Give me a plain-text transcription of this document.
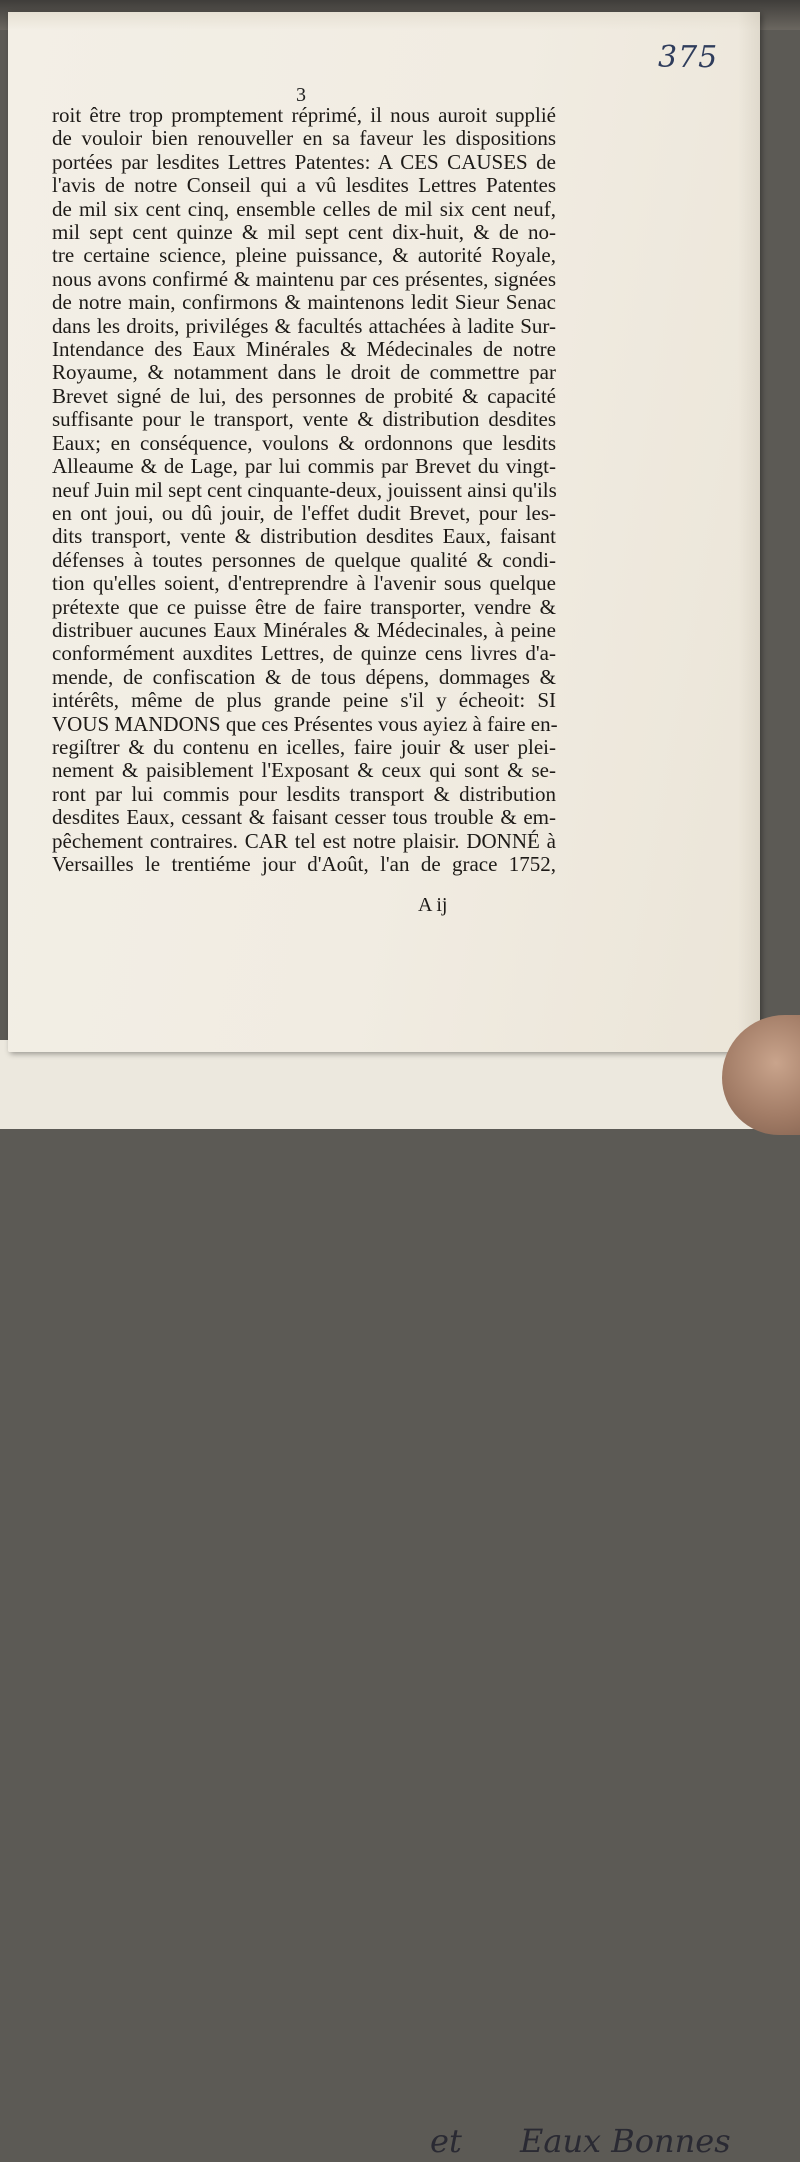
et Eaux Bonnes
375
3
roit être trop promptement réprimé, il nous auroit supplié
de vouloir bien renouveller en sa faveur les dispositions
portées par lesdites Lettres Patentes: A CES CAUSES de
l'avis de notre Conseil qui a vû lesdites Lettres Patentes
de mil six cent cinq, ensemble celles de mil six cent neuf,
mil sept cent quinze & mil sept cent dix-huit, & de no-
tre certaine science, pleine puissance, & autorité Royale,
nous avons confirmé & maintenu par ces présentes, signées
de notre main, confirmons & maintenons ledit Sieur Senac
dans les droits, priviléges & facultés attachées à ladite Sur-
Intendance des Eaux Minérales & Médecinales de notre
Royaume, & notamment dans le droit de commettre par
Brevet signé de lui, des personnes de probité & capacité
suffisante pour le transport, vente & distribution desdites
Eaux; en conséquence, voulons & ordonnons que lesdits
Alleaume & de Lage, par lui commis par Brevet du vingt-
neuf Juin mil sept cent cinquante-deux, jouissent ainsi qu'ils
en ont joui, ou dû jouir, de l'effet dudit Brevet, pour les-
dits transport, vente & distribution desdites Eaux, faisant
défenses à toutes personnes de quelque qualité & condi-
tion qu'elles soient, d'entreprendre à l'avenir sous quelque
prétexte que ce puisse être de faire transporter, vendre &
distribuer aucunes Eaux Minérales & Médecinales, à peine
conformément auxdites Lettres, de quinze cens livres d'a-
mende, de confiscation & de tous dépens, dommages &
intérêts, même de plus grande peine s'il y écheoit: SI
VOUS MANDONS que ces Présentes vous ayiez à faire en-
regiſtrer & du contenu en icelles, faire jouir & user plei-
nement & paisiblement l'Exposant & ceux qui sont & se-
ront par lui commis pour lesdits transport & distribution
desdites Eaux, cessant & faisant cesser tous trouble & em-
pêchement contraires. CAR tel est notre plaisir. DONNÉ à
Versailles le trentiéme jour d'Août, l'an de grace 1752,
A ij
